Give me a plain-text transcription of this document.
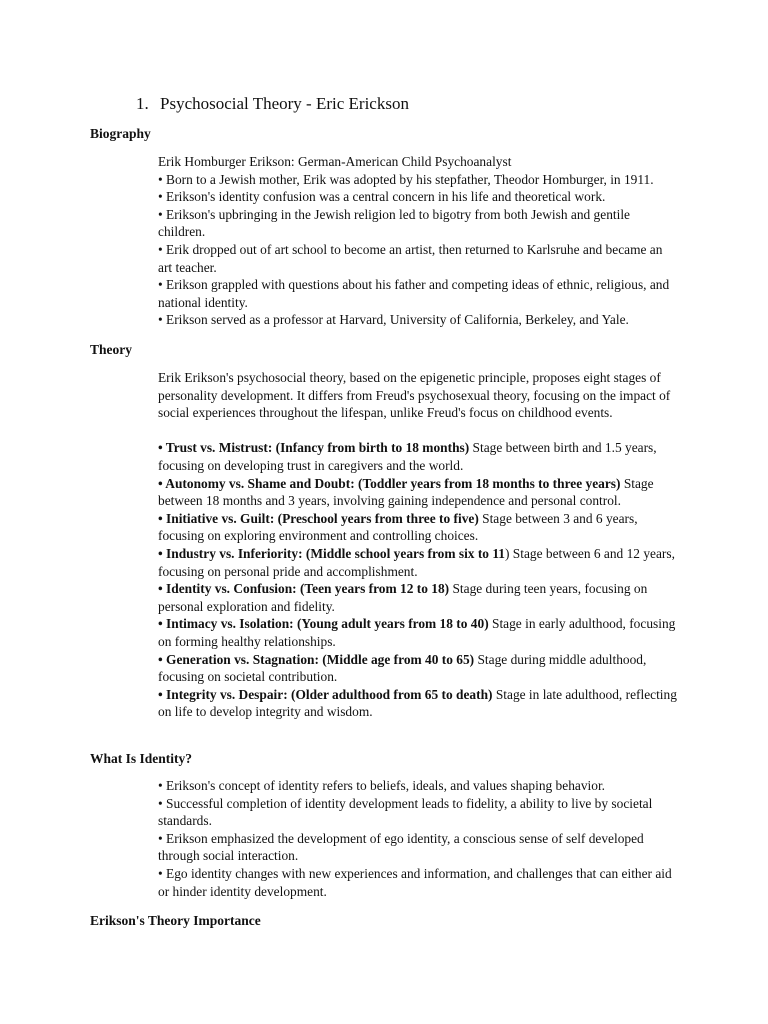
1. Psychosocial Theory - Eric Erickson
Biography

Erik Homburger Erikson: German-American Child Psychoanalyst

• Born to a Jewish mother, Erik was adopted by his stepfather, Theodor Homburger, in 1911.

• Erikson's identity confusion was a central concern in his life and theoretical work.

• Erikson's upbringing in the Jewish religion led to bigotry from both Jewish and gentile children.

• Erik dropped out of art school to become an artist, then returned to Karlsruhe and became an art teacher.

• Erikson grappled with questions about his father and competing ideas of ethnic, religious, and national identity.

• Erikson served as a professor at Harvard, University of California, Berkeley, and Yale.

Theory

Erik Erikson's psychosocial theory, based on the epigenetic principle, proposes eight stages of personality development. It differs from Freud's psychosexual theory, focusing on the impact of social experiences throughout the lifespan, unlike Freud's focus on childhood events.

• Trust vs. Mistrust: (Infancy from birth to 18 months) Stage between birth and 1.5 years, focusing on developing trust in caregivers and the world.

• Autonomy vs. Shame and Doubt: (Toddler years from 18 months to three years) Stage between 18 months and 3 years, involving gaining independence and personal control.

• Initiative vs. Guilt: (Preschool years from three to five) Stage between 3 and 6 years, focusing on exploring environment and controlling choices.

• Industry vs. Inferiority: (Middle school years from six to 11) Stage between 6 and 12 years, focusing on personal pride and accomplishment.

• Identity vs. Confusion: (Teen years from 12 to 18) Stage during teen years, focusing on personal exploration and fidelity.

• Intimacy vs. Isolation: (Young adult years from 18 to 40) Stage in early adulthood, focusing on forming healthy relationships.

• Generation vs. Stagnation: (Middle age from 40 to 65) Stage during middle adulthood, focusing on societal contribution.

• Integrity vs. Despair: (Older adulthood from 65 to death) Stage in late adulthood, reflecting on life to develop integrity and wisdom.

What Is Identity?

• Erikson's concept of identity refers to beliefs, ideals, and values shaping behavior.

• Successful completion of identity development leads to fidelity, a ability to live by societal standards.

• Erikson emphasized the development of ego identity, a conscious sense of self developed through social interaction.

• Ego identity changes with new experiences and information, and challenges that can either aid or hinder identity development.

Erikson's Theory Importance
